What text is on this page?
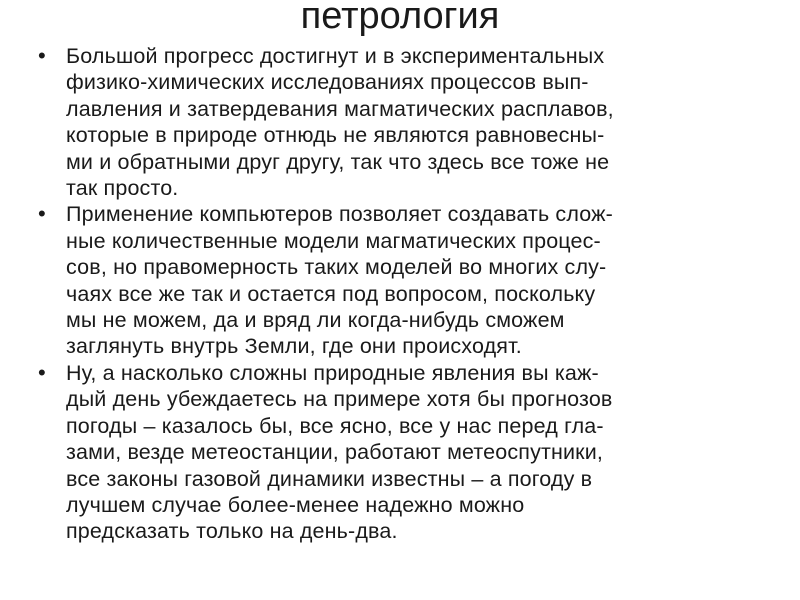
петрология
• Большой прогресс достигнут и в экспериментальных
физико-химических исследованиях процессов вып-
лавления и затвердевания магматических расплавов,
которые в природе отнюдь не являются равновесны-
ми и обратными друг другу, так что здесь все тоже не
так просто.
• Применение компьютеров позволяет создавать слож-
ные количественные модели магматических процес-
сов, но правомерность таких моделей во многих слу-
чаях все же так и остается под вопросом, поскольку
мы не можем, да и вряд ли когда-нибудь сможем
заглянуть внутрь Земли, где они происходят.
• Ну, а насколько сложны природные явления вы каж-
дый день убеждаетесь на примере хотя бы прогнозов
погоды – казалось бы, все ясно, все у нас перед гла-
зами, везде метеостанции, работают метеоспутники,
все законы газовой динамики известны – а погоду в
лучшем случае более-менее надежно можно
предсказать только на день-два.
